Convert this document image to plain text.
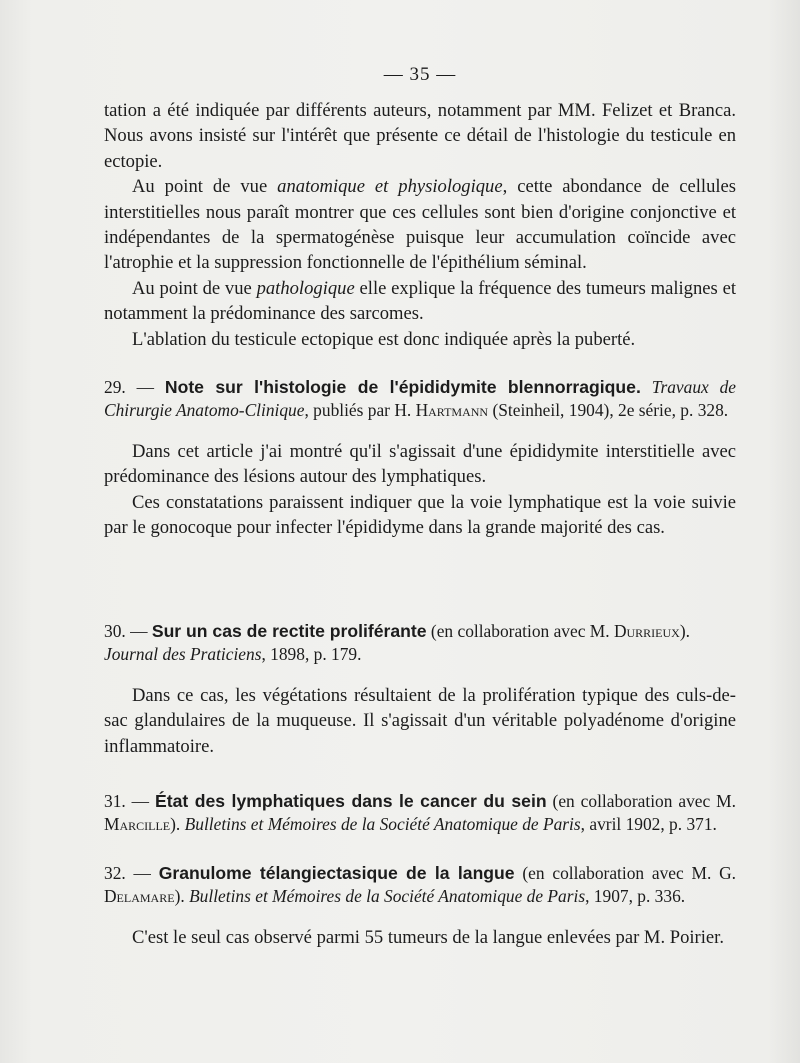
— 35 —

tation a été indiquée par différents auteurs, notamment par MM. Felizet et Branca. Nous avons insisté sur l'intérêt que présente ce détail de l'histologie du testicule en ectopie.

Au point de vue anatomique et physiologique, cette abondance de cellules interstitielles nous paraît montrer que ces cellules sont bien d'origine conjonctive et indépendantes de la spermatogénèse puisque leur accumulation coïncide avec l'atrophie et la suppression fonctionnelle de l'épithélium séminal.

Au point de vue pathologique elle explique la fréquence des tumeurs malignes et notamment la prédominance des sarcomes.

L'ablation du testicule ectopique est donc indiquée après la puberté.

29. — Note sur l'histologie de l'épididymite blennorragique. Travaux de Chirurgie Anatomo-Clinique, publiés par H. Hartmann (Steinheil, 1904), 2e série, p. 328.

Dans cet article j'ai montré qu'il s'agissait d'une épididymite interstitielle avec prédominance des lésions autour des lymphatiques.

Ces constatations paraissent indiquer que la voie lymphatique est la voie suivie par le gonocoque pour infecter l'épididyme dans la grande majorité des cas.

30. — Sur un cas de rectite proliférante (en collaboration avec M. Durrieux).
Journal des Praticiens, 1898, p. 179.

Dans ce cas, les végétations résultaient de la prolifération typique des culs-de-sac glandulaires de la muqueuse. Il s'agissait d'un véritable polyadénome d'origine inflammatoire.

31. — État des lymphatiques dans le cancer du sein (en collaboration avec M. Marcille). Bulletins et Mémoires de la Société Anatomique de Paris, avril 1902, p. 371.

32. — Granulome télangiectasique de la langue (en collaboration avec M. G. Delamare). Bulletins et Mémoires de la Société Anatomique de Paris, 1907, p. 336.

C'est le seul cas observé parmi 55 tumeurs de la langue enlevées par M. Poirier.
